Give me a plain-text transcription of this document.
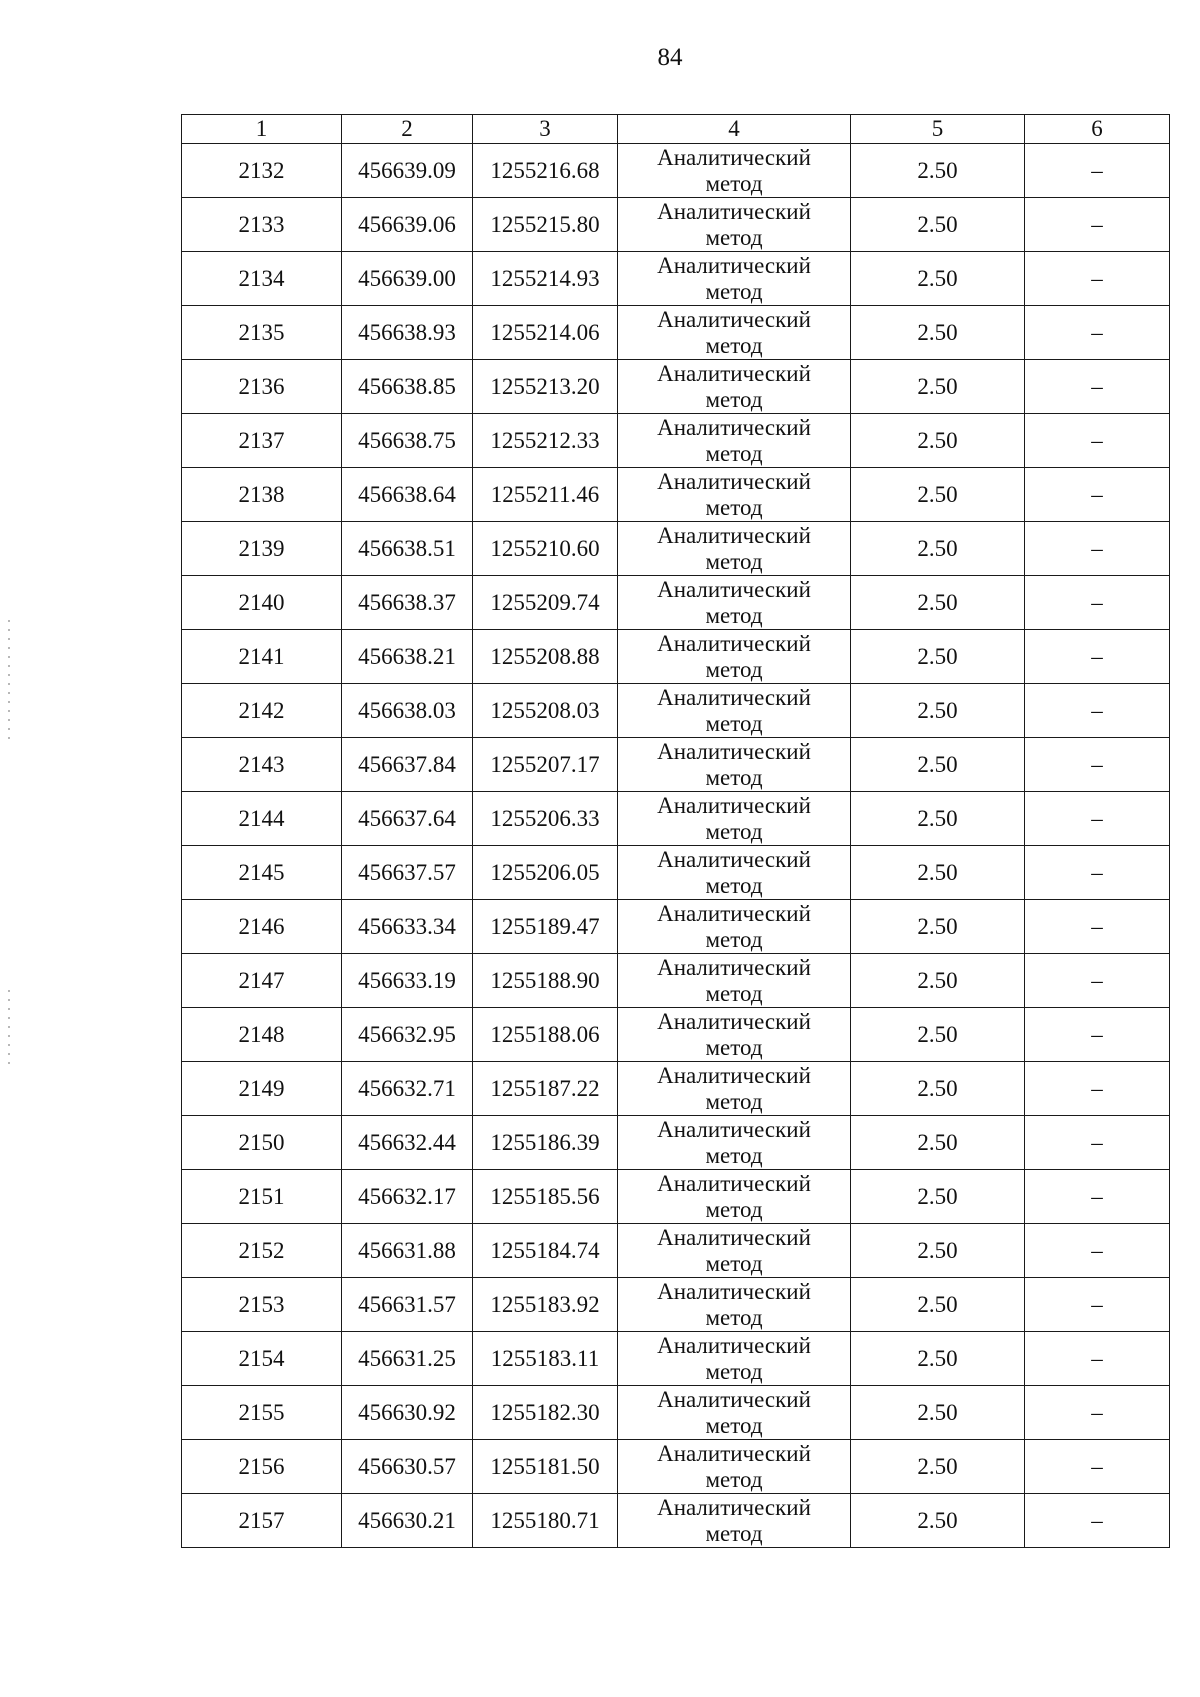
84
1	2	3	4	5	6
2132	456639.09	1255216.68	Аналитический
метод	2.50	–
2133	456639.06	1255215.80	Аналитический
метод	2.50	–
2134	456639.00	1255214.93	Аналитический
метод	2.50	–
2135	456638.93	1255214.06	Аналитический
метод	2.50	–
2136	456638.85	1255213.20	Аналитический
метод	2.50	–
2137	456638.75	1255212.33	Аналитический
метод	2.50	–
2138	456638.64	1255211.46	Аналитический
метод	2.50	–
2139	456638.51	1255210.60	Аналитический
метод	2.50	–
2140	456638.37	1255209.74	Аналитический
метод	2.50	–
2141	456638.21	1255208.88	Аналитический
метод	2.50	–
2142	456638.03	1255208.03	Аналитический
метод	2.50	–
2143	456637.84	1255207.17	Аналитический
метод	2.50	–
2144	456637.64	1255206.33	Аналитический
метод	2.50	–
2145	456637.57	1255206.05	Аналитический
метод	2.50	–
2146	456633.34	1255189.47	Аналитический
метод	2.50	–
2147	456633.19	1255188.90	Аналитический
метод	2.50	–
2148	456632.95	1255188.06	Аналитический
метод	2.50	–
2149	456632.71	1255187.22	Аналитический
метод	2.50	–
2150	456632.44	1255186.39	Аналитический
метод	2.50	–
2151	456632.17	1255185.56	Аналитический
метод	2.50	–
2152	456631.88	1255184.74	Аналитический
метод	2.50	–
2153	456631.57	1255183.92	Аналитический
метод	2.50	–
2154	456631.25	1255183.11	Аналитический
метод	2.50	–
2155	456630.92	1255182.30	Аналитический
метод	2.50	–
2156	456630.57	1255181.50	Аналитический
метод	2.50	–
2157	456630.21	1255180.71	Аналитический
метод	2.50	–
